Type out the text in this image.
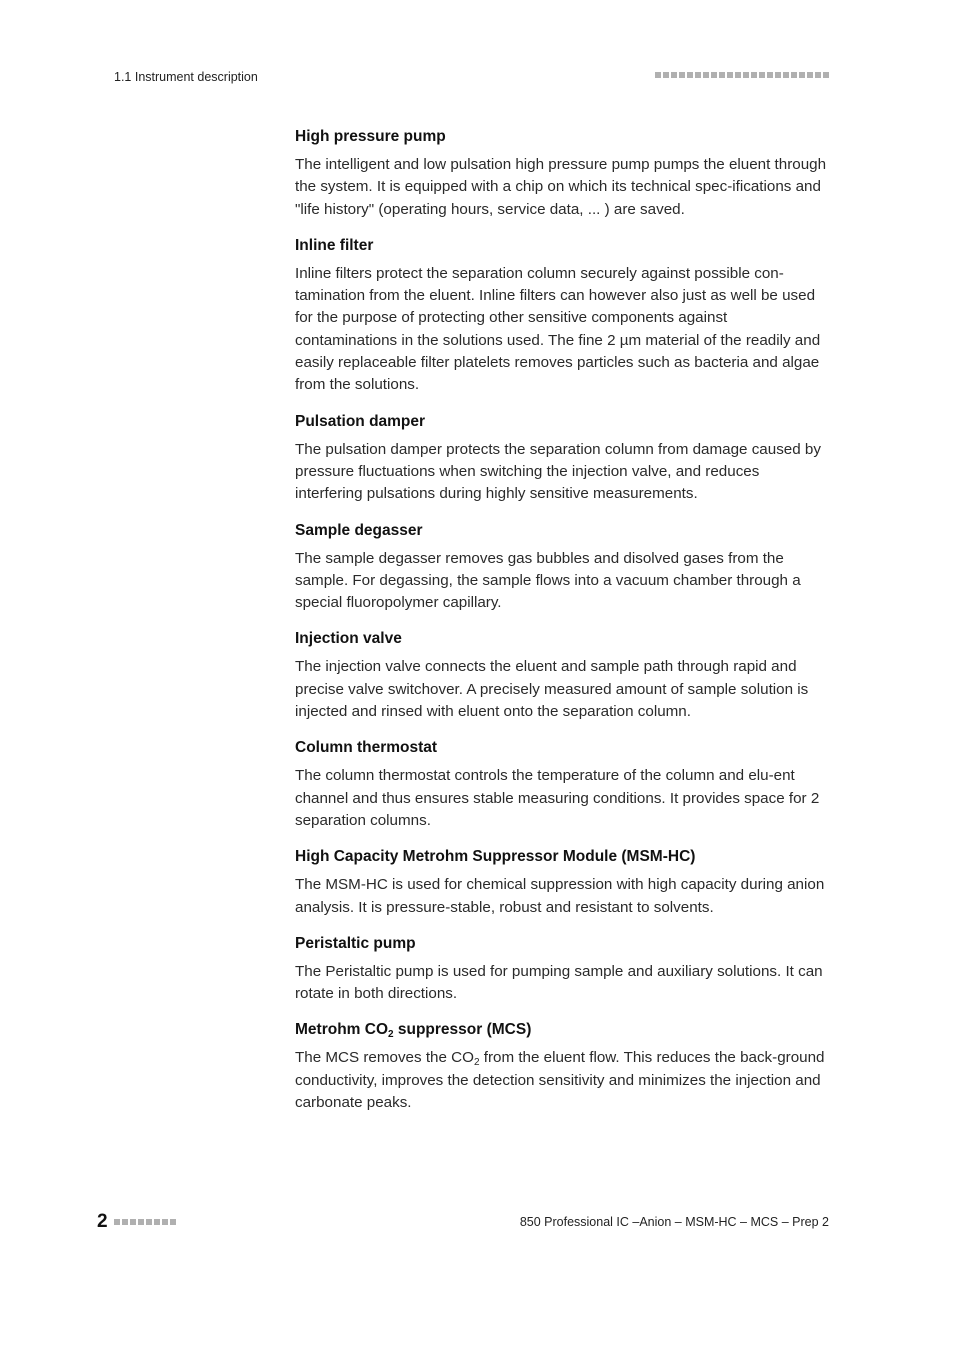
1.1 Instrument description
High pressure pump

The intelligent and low pulsation high pressure pump pumps the eluent through the system. It is equipped with a chip on which its technical spec-ifications and "life history" (operating hours, service data, ... ) are saved.

Inline filter

Inline filters protect the separation column securely against possible con-tamination from the eluent. Inline filters can however also just as well be used for the purpose of protecting other sensitive components against contaminations in the solutions used. The fine 2 µm material of the readily and easily replaceable filter platelets removes particles such as bacteria and algae from the solutions.

Pulsation damper

The pulsation damper protects the separation column from damage caused by pressure fluctuations when switching the injection valve, and reduces interfering pulsations during highly sensitive measurements.

Sample degasser

The sample degasser removes gas bubbles and disolved gases from the sample. For degassing, the sample flows into a vacuum chamber through a special fluoropolymer capillary.

Injection valve

The injection valve connects the eluent and sample path through rapid and precise valve switchover. A precisely measured amount of sample solution is injected and rinsed with eluent onto the separation column.

Column thermostat

The column thermostat controls the temperature of the column and elu-ent channel and thus ensures stable measuring conditions. It provides space for 2 separation columns.

High Capacity Metrohm Suppressor Module (MSM-HC)

The MSM-HC is used for chemical suppression with high capacity during anion analysis. It is pressure-stable, robust and resistant to solvents.

Peristaltic pump

The Peristaltic pump is used for pumping sample and auxiliary solutions. It can rotate in both directions.

Metrohm $CO_2$ suppressor (MCS)

The MCS removes the $CO_2$ from the eluent flow. This reduces the back-ground conductivity, improves the detection sensitivity and minimizes the injection and carbonate peaks.

2	850 Professional IC –Anion – MSM-HC – MCS – Prep 2
